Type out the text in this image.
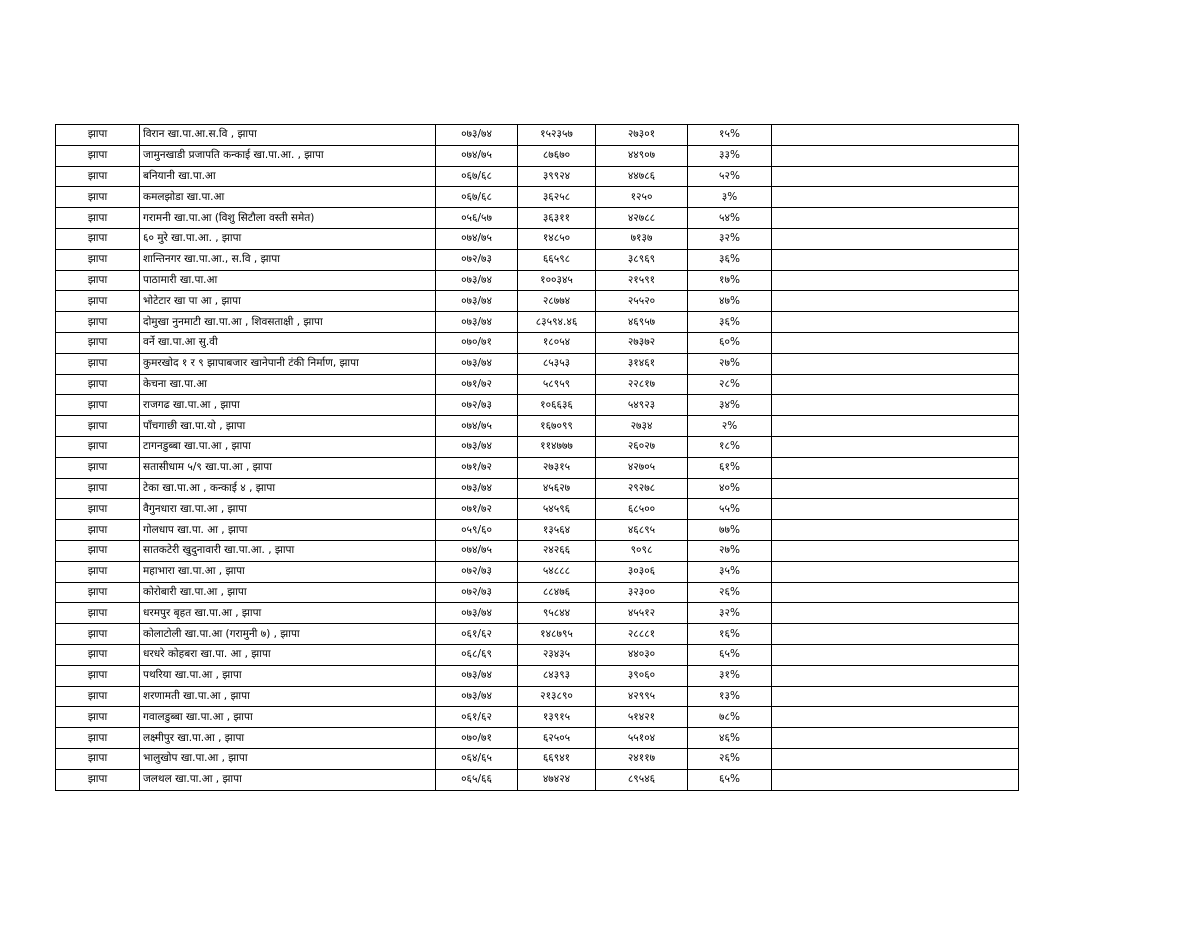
झापा	विरान खा.पा.आ.स.वि , झापा	०७३/७४	१५२३५७	२७३०१	१५%	
झापा	जामुनखाडी प्रजापति कन्काई खा.पा.आ. , झापा	०७४/७५	८७६७०	४४९०७	३३%	
झापा	बनियानी खा.पा.आ	०६७/६८	३९९२४	४४७८६	५२%	
झापा	कमलझोडा खा.पा.आ	०६७/६८	३६२५८	१२५०	३%	
झापा	गरामनी खा.पा.आ (विशु सिटौला वस्ती समेत)	०५६/५७	३६३११	४२७८८	५४%	
झापा	६० मुरे खा.पा.आ. , झापा	०७४/७५	१४८५०	७१३७	३२%	
झापा	शान्तिनगर खा.पा.आ., स.वि , झापा	०७२/७३	६६५९८	३८९६९	३६%	
झापा	पाठामारी खा.पा.आ	०७३/७४	१००३४५	२१५९१	१७%	
झापा	भोटेटार खा पा आ , झापा	०७३/७४	२८७७४	२५५२०	४७%	
झापा	दोमुखा नुनमाटी खा.पा.आ , शिवसताक्षी , झापा	०७३/७४	८३५९४.४६	४६९५७	३६%	
झापा	वर्ने खा.पा.आ सु.वी	०७०/७१	१८०५४	२७३७२	६०%	
झापा	कुमरखोद १ र ९ झापाबजार खानेपानी टंकी निर्माण, झापा	०७३/७४	८५३५३	३१४६१	२७%	
झापा	केचना खा.पा.आ	०७१/७२	५८९५९	२२८१७	२८%	
झापा	राजगढ खा.पा.आ , झापा	०७२/७३	१०६६३६	५४९२३	३४%	
झापा	पाँचगाछी खा.पा.यो , झापा	०७४/७५	१६७०९९	२७३४	२%	
झापा	टागनडुब्बा खा.पा.आ , झापा	०७३/७४	११४७७७	२६०२७	१८%	
झापा	सतासीधाम ५/९ खा.पा.आ , झापा	०७१/७२	२७३१५	४२७०५	६१%	
झापा	टेका खा.पा.आ , कन्काई ४ , झापा	०७३/७४	४५६२७	२९२७८	४०%	
झापा	वैगुनधारा खा.पा.आ , झापा	०७१/७२	५४५९६	६८५००	५५%	
झापा	गोलधाप खा.पा. आ , झापा	०५९/६०	१३५६४	४६८९५	७७%	
झापा	सातकटेरी खुदुनावारी खा.पा.आ. , झापा	०७४/७५	२४२६६	९०९८	२७%	
झापा	महाभारा खा.पा.आ , झापा	०७२/७३	५४८८८	३०३०६	३५%	
झापा	कोरोबारी खा.पा.आ , झापा	०७२/७३	८८४७६	३२३००	२६%	
झापा	धरमपुर बृहत खा.पा.आ , झापा	०७३/७४	९५८४४	४५५१२	३२%	
झापा	कोलाटोली खा.पा.आ (गरामुनी ७) , झापा	०६१/६२	१४८७९५	२८८८१	१६%	
झापा	धरधरे कोहबरा खा.पा. आ , झापा	०६८/६९	२३४३५	४४०३०	६५%	
झापा	पथरिया खा.पा.आ , झापा	०७३/७४	८४३९३	३९०६०	३१%	
झापा	शरणामती खा.पा.आ , झापा	०७३/७४	२१३८९०	४२९९५	१३%	
झापा	गवालडुब्बा खा.पा.आ , झापा	०६१/६२	१३९१५	५१४२१	७८%	
झापा	लक्ष्मीपुर खा.पा.आ , झापा	०७०/७१	६२५०५	५५१०४	४६%	
झापा	भालुखोप खा.पा.आ , झापा	०६४/६५	६६९४१	२४११७	२६%	
झापा	जलथल खा.पा.आ , झापा	०६५/६६	४७४२४	८९५४६	६५%	
